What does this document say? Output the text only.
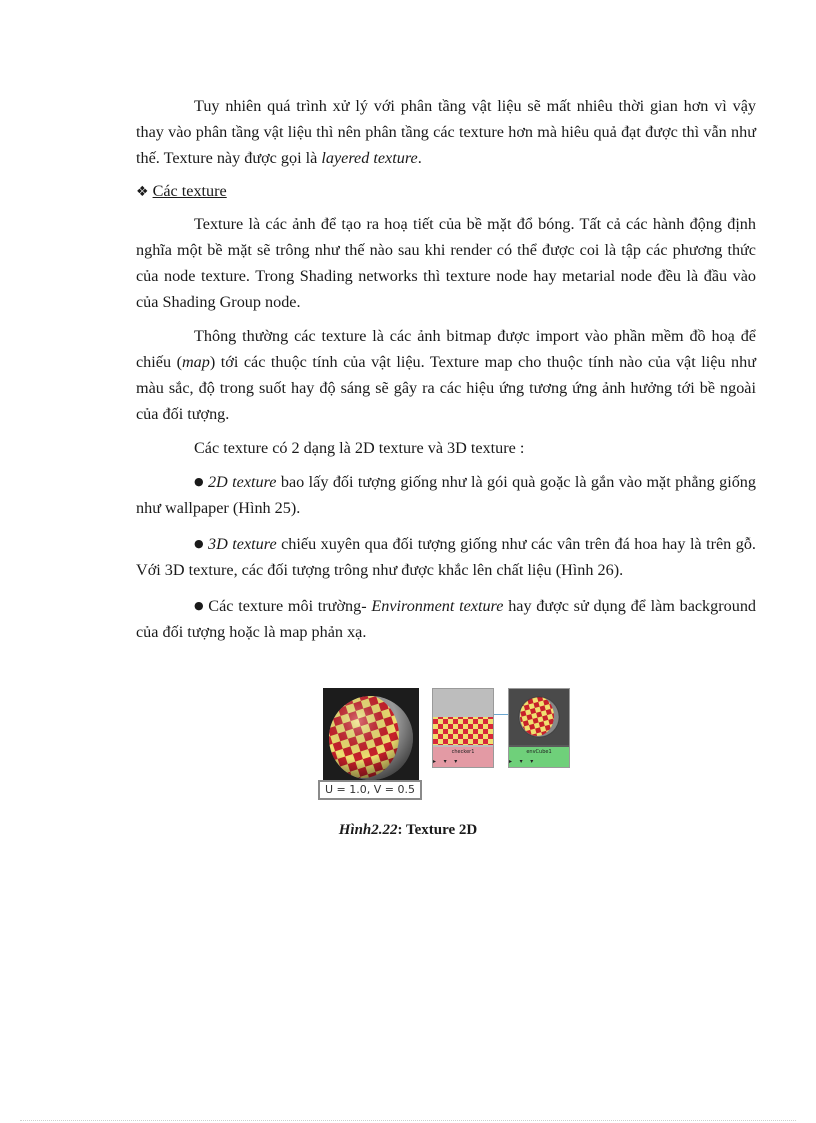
Tuy nhiên quá trình xử lý với phân tầng vật liệu sẽ mất nhiêu thời gian hơn vì vậy thay vào phân tầng vật liệu thì nên phân tầng các texture hơn mà hiêu quả đạt được thì vẫn như thế. Texture này được gọi là layered texture.

❖ Các texture

Texture là các ảnh để tạo ra hoạ tiết của bề mặt đổ bóng. Tất cả các hành động định nghĩa một bề mặt sẽ trông như thế nào sau khi render có thể được coi là tập các phương thức của node texture. Trong Shading networks thì texture node hay metarial node đều là đầu vào của Shading Group node.

Thông thường các texture là các ảnh bitmap được import vào phần mềm đồ hoạ để chiếu (map) tới các thuộc tính của vật liệu. Texture map cho thuộc tính nào của vật liệu như màu sắc, độ trong suốt hay độ sáng sẽ gây ra các hiệu ứng tương ứng ảnh hưởng tới bề ngoài của đối tượng.

Các texture có 2 dạng là 2D texture và 3D texture :

● 2D texture bao lấy đối tượng giống như là gói quà goặc là gắn vào mặt phẳng giống như wallpaper (Hình 25).

● 3D texture chiếu xuyên qua đối tượng giống như các vân trên đá hoa hay là trên gỗ. Với 3D texture, các đối tượng trông như được khắc lên chất liệu (Hình 26).

● Các texture môi trường- Environment texture hay được sử dụng để làm background của đối tượng hoặc là map phản xạ.

U = 1.0, V = 0.5
checker1
▸    ▾    ▾
envCube1
▸    ▾    ▾
Hình2.22: Texture 2D
